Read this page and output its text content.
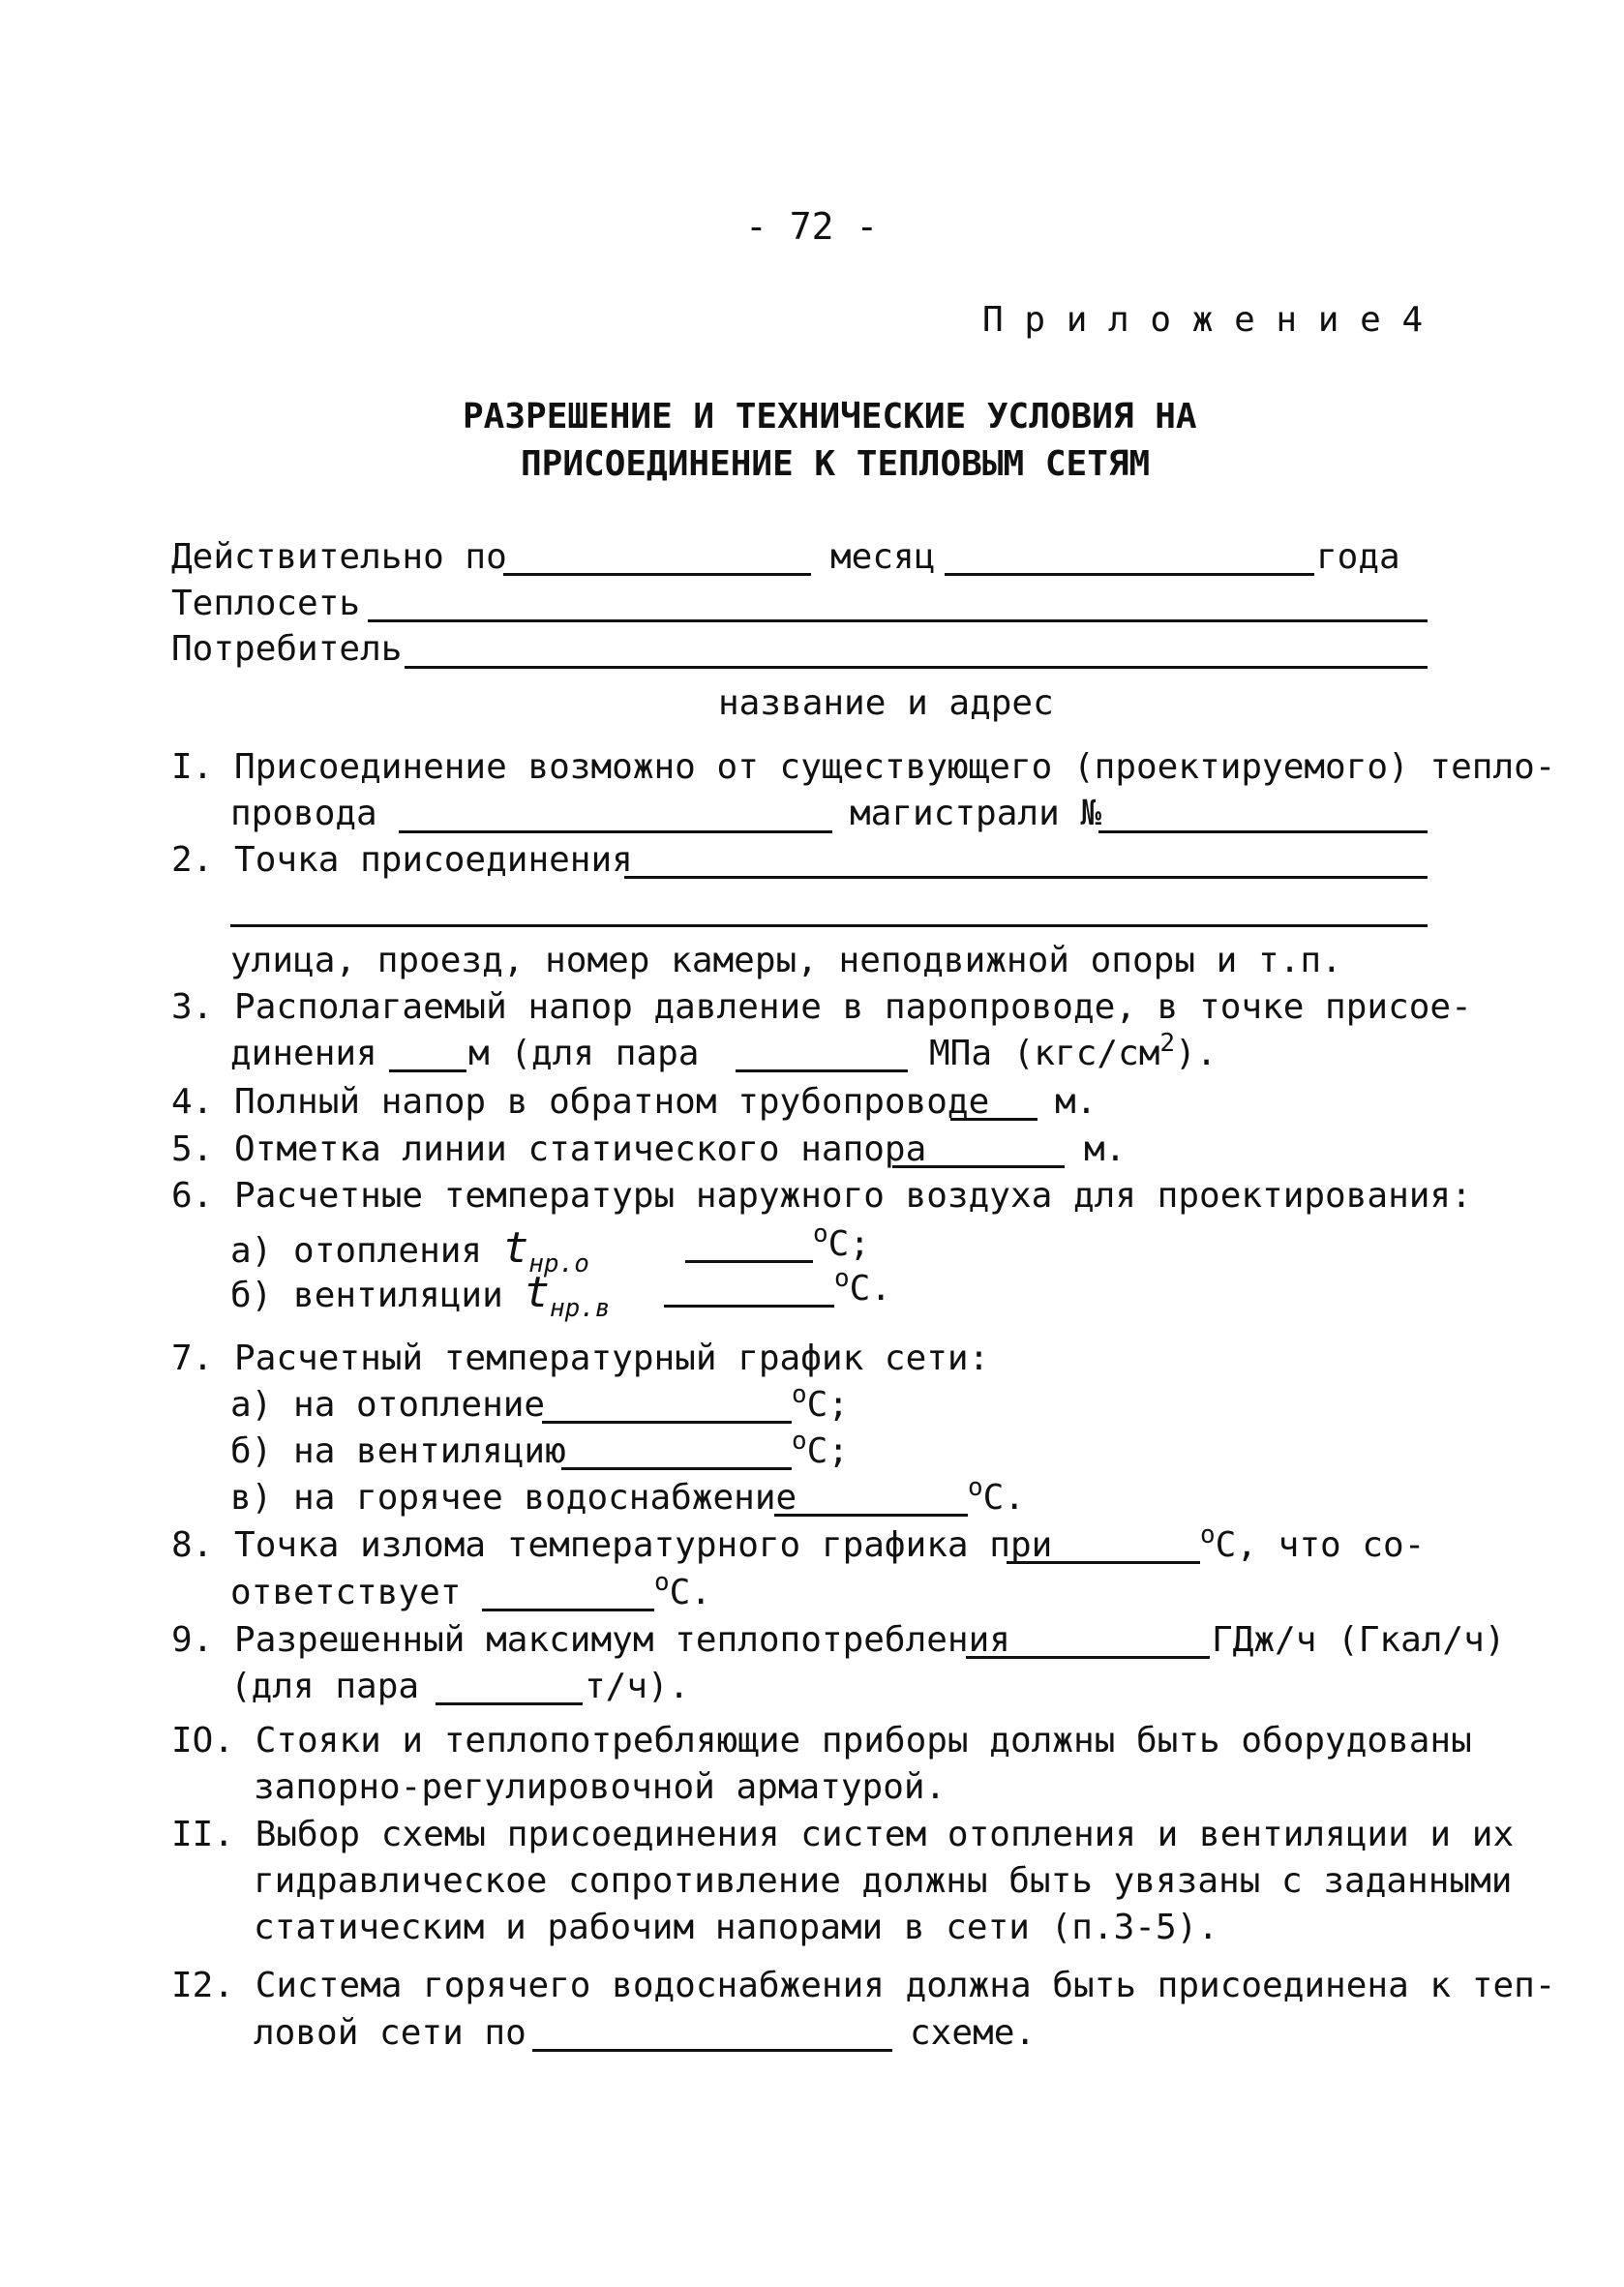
- 72 -
П р и л о ж е н и е 4
РАЗРЕШЕНИЕ И ТЕХНИЧЕСКИЕ УСЛОВИЯ НА
ПРИСОЕДИНЕНИЕ К ТЕПЛОВЫМ СЕТЯМ
Действительно по	месяц	года
Теплосеть
Потребитель
название и адрес
I. Присоединение возможно от существующего (проектируемого) тепло-
провода	магистрали №
2. Точка присоединения
улица, проезд, номер камеры, неподвижной опоры и т.п.
3. Располагаемый напор давление в паропроводе, в точке присое-
динения	м (для пара	МПа $(кгс/см^2)$.
4. Полный напор в обратном трубопроводе м.
5. Отметка линии статического напора	м.
6. Расчетные температуры наружного воздуха для проектирования:
а) отопления $t_{нр.о}$
$^о$С;
б) вентиляции $t_{нр.в}$
$^о$С.
7. Расчетный температурный график сети:
а) на отопление	$^о$С;
б) на вентиляцию	$^о$С;
в) на горячее водоснабжение	$^о$С.
8. Точка излома температурного графика при	$^о$С, что со-
ответствует	$^о$С.
9. Разрешенный максимум теплопотребления	ГДж/ч (Гкал/ч)
(для пара	т/ч).
IO. Стояки и теплопотребляющие приборы должны быть оборудованы
запорно-регулировочной арматурой.
II. Выбор схемы присоединения систем отопления и вентиляции и их
гидравлическое сопротивление должны быть увязаны с заданными
статическим и рабочим напорами в сети (п.3-5).
I2. Система горячего водоснабжения должна быть присоединена к теп-
ловой сети по	схеме.
